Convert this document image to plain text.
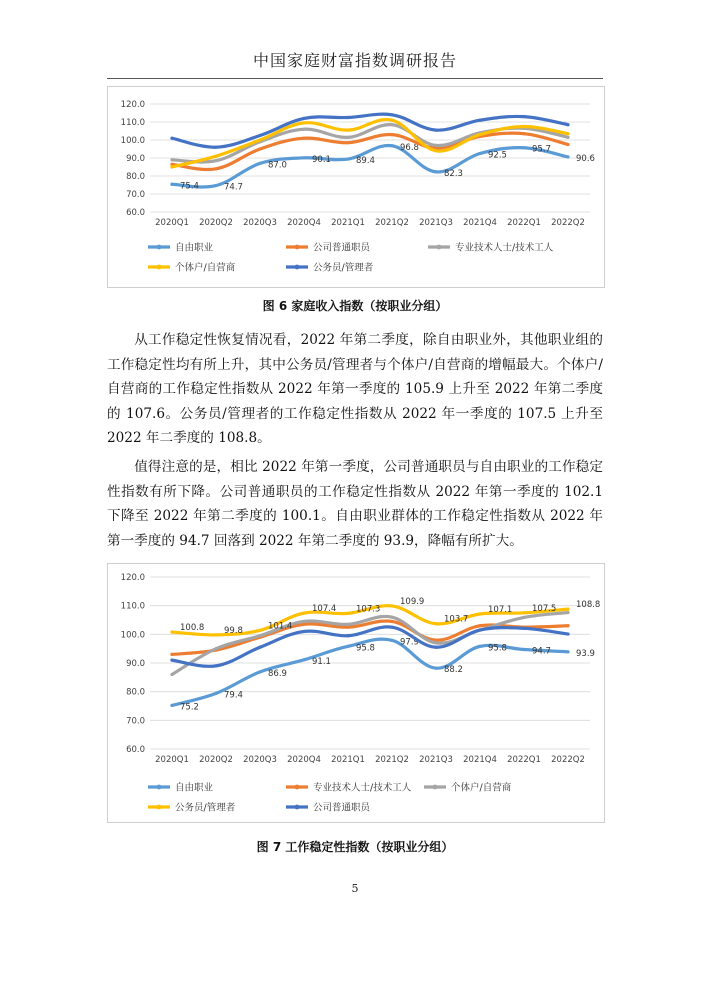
中国家庭财富指数调研报告
60.0
70.0
80.0
90.0
100.0
110.0
120.0
2020Q1 2020Q2 2020Q3 2020Q4 2021Q1 2021Q2 2021Q3 2021Q4 2022Q1 2022Q2
75.4	74.7
87.0
90.1	89.4
96.8
82.3
92.5
95.7
90.6
自由职业	公司普通职员	专业技术人士/技术工人
个体户/自营商	公务员/管理者
图 6 家庭收入指数（按职业分组）
从工作稳定性恢复情况看，2022 年第二季度，除自由职业外，其他职业组的工作稳定性均有所上升，其中公务员/管理者与个体户/自营商的增幅最大。个体户/自营商的工作稳定性指数从 2022 年第一季度的 105.9 上升至 2022 年第二季度的 107.6。公务员/管理者的工作稳定性指数从 2022 年一季度的 107.5 上升至 2022 年二季度的 108.8。
值得注意的是，相比 2022 年第一季度，公司普通职员与自由职业的工作稳定性指数有所下降。公司普通职员的工作稳定性指数从 2022 年第一季度的 102.1 下降至 2022 年第二季度的 100.1。自由职业群体的工作稳定性指数从 2022 年第一季度的 94.7 回落到 2022 年第二季度的 93.9，降幅有所扩大。
60.0
70.0
80.0
90.0
100.0
110.0
120.0
2020Q1 2020Q2 2020Q3 2020Q4 2021Q1 2021Q2 2021Q3 2021Q4 2022Q1 2022Q2
75.2
79.4
86.9
91.1
95.8
97.9
88.2
95.8	94.7	93.9
100.8 99.8	101.4
107.4 107.3
109.9
103.7
107.1 107.5 108.8
自由职业	专业技术人士/技术工人	个体户/自营商
公务员/管理者	公司普通职员
图 7 工作稳定性指数（按职业分组）
5
